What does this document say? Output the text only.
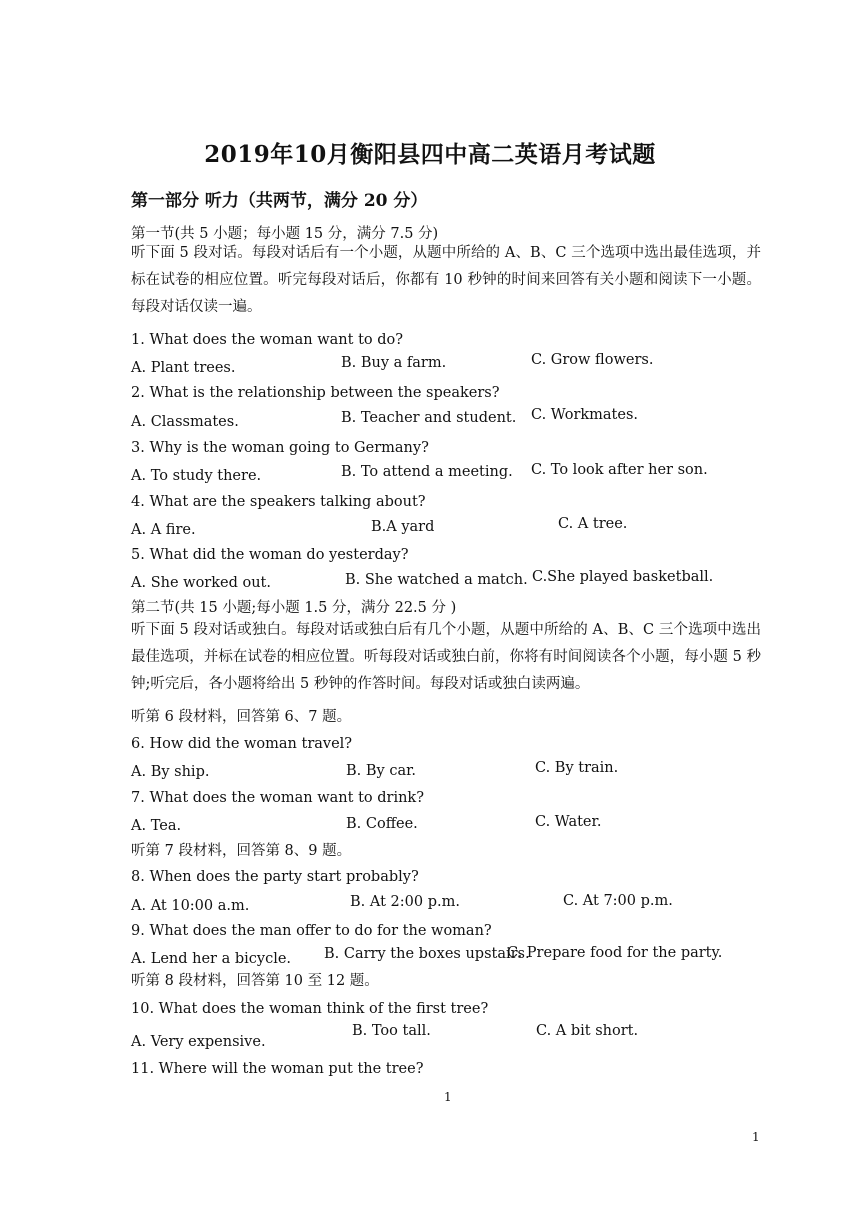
2019年10月衡阳县四中高二英语月考试题
第一部分 听力（共两节，满分 20 分）
第一节(共 5 小题；每小题 15 分，满分 7.5 分)
听下面 5 段对话。每段对话后有一个小题，从题中所给的 A、B、C 三个选项中选出最佳选项，并标在试卷的相应位置。听完每段对话后，你都有 10 秒钟的时间来回答有关小题和阅读下一小题。每段对话仅读一遍。
1. What does the woman want to do?
A. Plant trees.	B. Buy a farm.	C. Grow flowers.
2. What is the relationship between the speakers?
A. Classmates.	B. Teacher and student. C. Workmates.
3. Why is the woman going to Germany?
A. To study there.	B. To attend a meeting. C. To look after her son.
4. What are the speakers talking about?
A. A fire.	B.A yard	C. A tree.
5. What did the woman do yesterday?
A. She worked out.	B. She watched a match. C.She played basketball.
第二节(共 15 小题;每小题 1.5 分，满分 22.5 分 )
听下面 5 段对话或独白。每段对话或独白后有几个小题，从题中所给的 A、B、C 三个选项中选出最佳选项，并标在试卷的相应位置。听每段对话或独白前，你将有时间阅读各个小题，每小题 5 秒钟;听完后，各小题将给出 5 秒钟的作答时间。每段对话或独白读两遍。
听第 6 段材料，回答第 6、7 题。
6. How did the woman travel?
A. By ship.	B. By car.	C. By train.
7. What does the woman want to drink?
A. Tea.	B. Coffee.	C. Water.
听第 7 段材料，回答第 8、9 题。
8. When does the party start probably?
A. At 10:00 a.m.	B. At 2:00 p.m.	C. At 7:00 p.m.
9. What does the man offer to do for the woman?
A. Lend her a bicycle. B. Carry the boxes upstairs.
C. Prepare food for the party.
听第 8 段材料，回答第 10 至 12 题。
10. What does the woman think of the first tree?
A. Very expensive.
B. Too tall.	C. A bit short.
11. Where will the woman put the tree?
1
1
